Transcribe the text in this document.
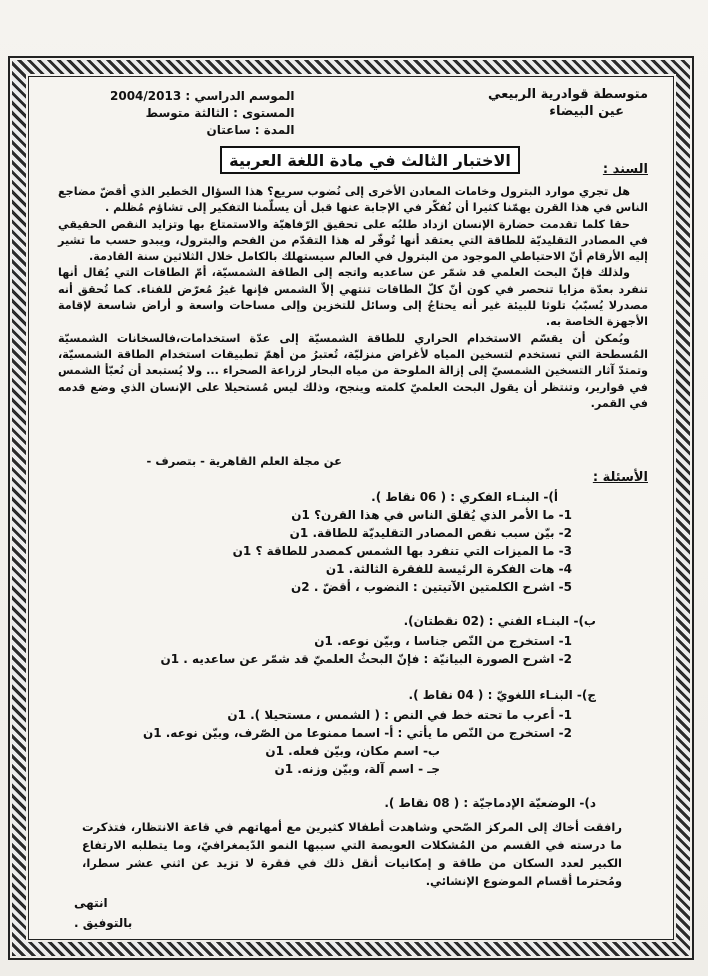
متوسطة قوادرية الربيعي
عين البيضاء
الموسم الدراسي : 2004/2013
المستوى : الثالثة متوسط
المدة : ساعتان
الاختبار الثالث في مادة اللغة العربية	السند :

هل تجري موارد البترول وخامات المعادن الأخرى إلى نُضوب سريع؟ هذا السؤال الخطير الذي أقضّ مضاجع الناس في هذا القرن يهمّنا كثيرا أن نُفكّر في الإجابة عنها قبل أن يسلّمنا التفكير إلى تشاؤم مُظلم .

حقا كلما تقدمت حضارة الإنسان ازداد طلبُه على تحقيق الرّفاهيّة والاستمتاع بها وتزايد النقص الحقيقي في المصادر التقليديّة للطاقة التي يعتقد أنها تُوفّر له هذا التقدّم من الفحم والبترول، ويبدو حسب ما تشير إليه الأرقام أنّ الاحتياطي الموجود من البترول في العالم سيستهلك بالكامل خلال الثلاثين سنة القادمة.

ولذلك فإنّ البحث العلمي قد شمّر عن ساعديه واتجه إلى الطاقة الشمسيّة، أمّ الطاقات التي يُقال أنها تنفرد بعدّة مزايا تنحصر في كون أنّ كلّ الطاقات تنتهي إلاّ الشمس فإنها غيرُ مُعرّض للفناء. كما تُحقق أنه مصدرلا يُسبّبُ تلوثا للبيئة غير أنه يحتاجُ إلى وسائل للتخزين وإلى مساحات واسعة و أراض شاسعة لإقامة الأجهزة الخاصة به.

ويُمكن أن يقسّم الاستخدام الحراري للطاقة الشمسيّة إلى عدّة استخدامات،فالسخانات الشمسيّة المُسطحة التي تستخدم لتسخين المياه لأغراض منزليّة، تُعتبرُ من أهمّ تطبيقات استخدام الطاقة الشمسيّة، وتمتدّ آثار التسخين الشمسيّ إلى إزالة الملوحة من مياه البحار لزراعة الصحراء ... ولا يُستبعد أن نُعبّأ الشمس في قوارير، وتنتظر أن يقول البحث العلميّ كلمته وينجح، وذلك ليس مُستحيلا على الإنسان الذي وضع قدمه في القمر.

عن مجلة العلم القاهرية - بتصرف -
الأسئلة :
أ)- البنـاء الفكري : ( 06 نقاط ).
1- ما الأمر الذي يُقلق الناس في هذا القرن؟ 1ن
2- بيّن سبب نقص المصادر التقليديّة للطاقة. 1ن
3- ما الميزات التي تنفرد بها الشمس كمصدر للطاقة ؟ 1ن
4- هات الفكرة الرئيسة للفقرة الثالثة. 1ن
5- اشرح الكلمتين الآتيتين : النضوب ، أقضّ . 2ن
ب)- البنـاء الفني : (02 نقطتان).
1- استخرج من النّص جناسا ، وبيّن نوعه. 1ن
2- اشرح الصورة البيانيّة : فإنّ البحثُ العلميّ قد شمّر عن ساعديه . 1ن
ج)- البنـاء اللغويّ : ( 04 نقاط ).
1- أعرب ما تحته خط في النص : ( الشمس ، مستحيلا ). 1ن
2- استخرج من النّص ما يأتي : أ- اسما ممنوعا من الصّرف، وبيّن نوعه. 1ن
ب- اسم مكان، وبيّن فعله. 1ن
جـ - اسم آلة، وبيّن وزنه. 1ن
د)- الوضعيّة الإدماجيّة : ( 08 نقاط ).
رافقت أخاك إلى المركز الصّحي وشاهدت أطفالا كثيرين مع أمهاتهم في قاعة الانتظار، فتذكرت ما درسته في القسم من المُشكلات العويصة التي سببها النمو الدّيمغرافيّ، وما يتطلبه الارتفاع الكبير لعدد السكان من طاقة و إمكانيات أنقل ذلك في فقرة لا تزيد عن اثني عشر سطرا، ومُحترما أقسام الموضوع الإنشائي.
انتهى
بالتوفيق .
